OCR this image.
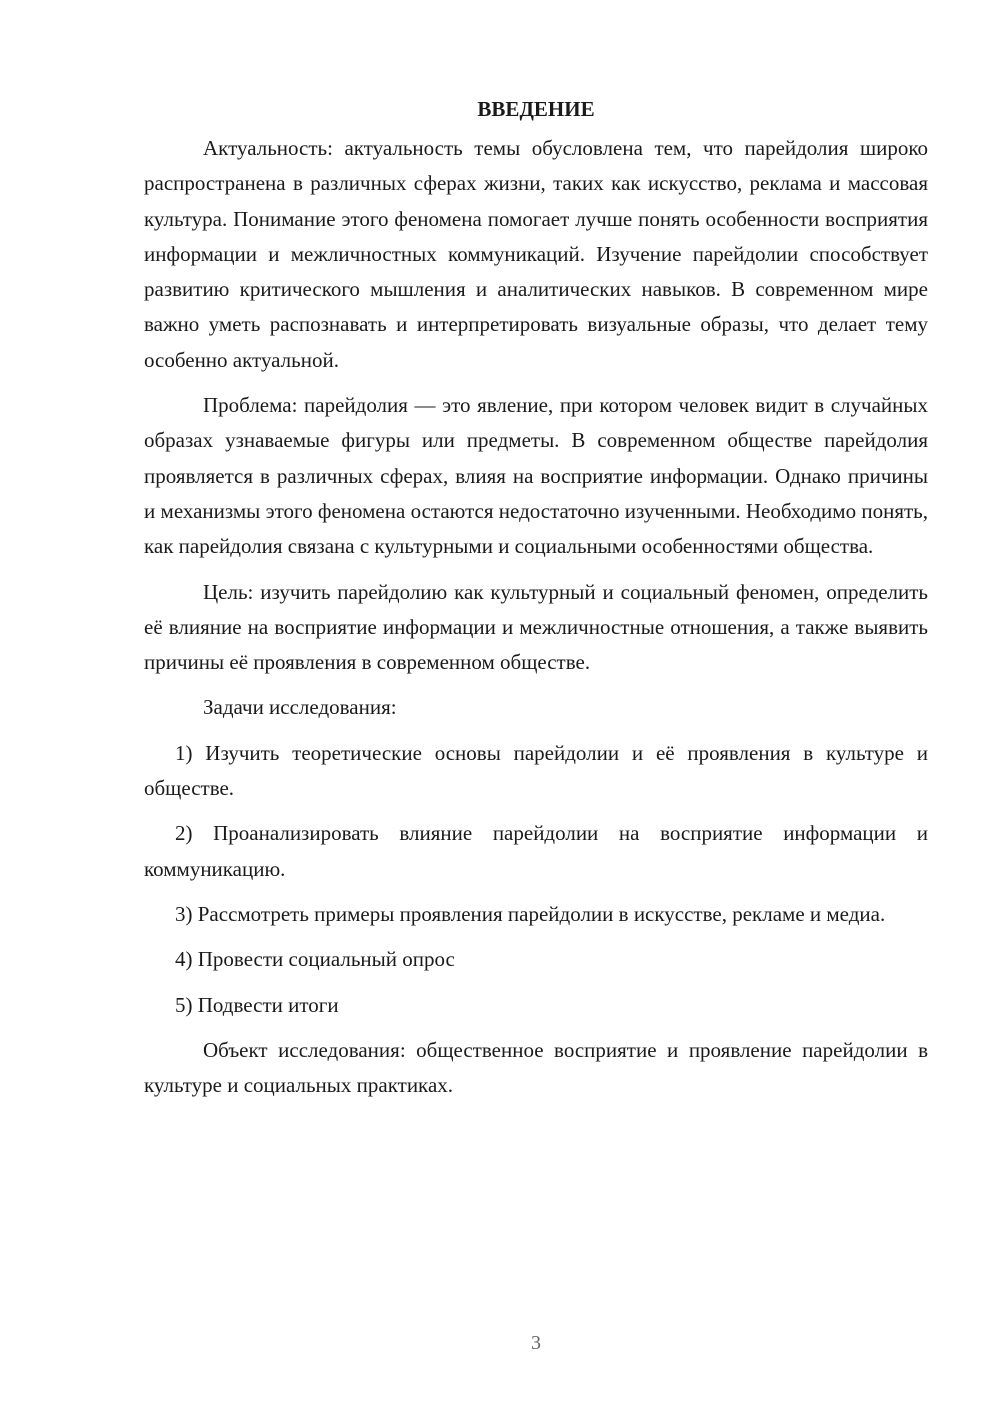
ВВЕДЕНИЕ

Актуальность: актуальность темы обусловлена тем, что парейдолия широко распространена в различных сферах жизни, таких как искусство, реклама и массовая культура. Понимание этого феномена помогает лучше понять особенности восприятия информации и межличностных коммуникаций. Изучение парейдолии способствует развитию критического мышления и аналитических навыков. В современном мире важно уметь распознавать и интерпретировать визуальные образы, что делает тему особенно актуальной.

Проблема: парейдолия — это явление, при котором человек видит в случайных образах узнаваемые фигуры или предметы. В современном обществе парейдолия проявляется в различных сферах, влияя на восприятие информации. Однако причины и механизмы этого феномена остаются недостаточно изученными. Необходимо понять, как парейдолия связана с культурными и социальными особенностями общества.

Цель: изучить парейдолию как культурный и социальный феномен, определить её влияние на восприятие информации и межличностные отношения, а также выявить причины её проявления в современном обществе.

Задачи исследования:

1) Изучить теоретические основы парейдолии и её проявления в культуре и обществе.

2) Проанализировать влияние парейдолии на восприятие информации и коммуникацию.

3) Рассмотреть примеры проявления парейдолии в искусстве, рекламе и медиа.

4) Провести социальный опрос

5) Подвести итоги

Объект исследования: общественное восприятие и проявление парейдолии в культуре и социальных практиках.

3
